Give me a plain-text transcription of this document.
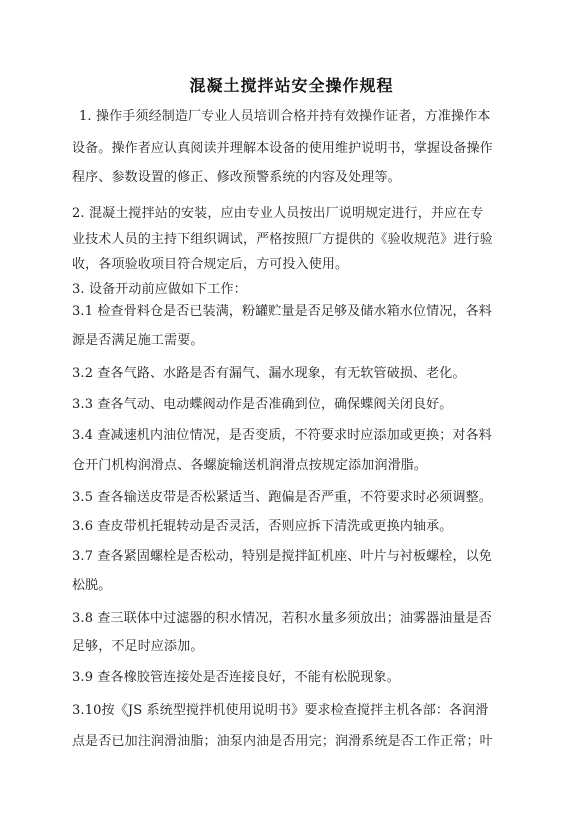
混凝土搅拌站安全操作规程
1. 操作手须经制造厂专业人员培训合格并持有效操作证者，方准操作本
设备。操作者应认真阅读并理解本设备的使用维护说明书，掌握设备操作
程序、参数设置的修正、修改预警系统的内容及处理等。
2. 混凝土搅拌站的安装，应由专业人员按出厂说明规定进行，并应在专
业技术人员的主持下组织调试，严格按照厂方提供的《验收规范》进行验
收，各项验收项目符合规定后，方可投入使用。
3. 设备开动前应做如下工作：
3.1 检查骨料仓是否已装满，粉罐贮量是否足够及储水箱水位情况，各料
源是否满足施工需要。
3.2 查各气路、水路是否有漏气、漏水现象，有无软管破损、老化。
3.3 查各气动、电动蝶阀动作是否准确到位，确保蝶阀关闭良好。
3.4 查减速机内油位情况，是否变质，不符要求时应添加或更换；对各料
仓开门机构润滑点、各螺旋输送机润滑点按规定添加润滑脂。
3.5 查各输送皮带是否松紧适当、跑偏是否严重，不符要求时必须调整。
3.6 查皮带机托辊转动是否灵活，否则应拆下清洗或更换内轴承。
3.7 查各紧固螺栓是否松动，特别是搅拌缸机座、叶片与衬板螺栓，以免
松脱。
3.8 查三联体中过滤器的积水情况，若积水量多须放出；油雾器油量是否
足够，不足时应添加。
3.9 查各橡胶管连接处是否连接良好，不能有松脱现象。
3.10按《JS 系统型搅拌机使用说明书》要求检查搅拌主机各部：各润滑
点是否已加注润滑油脂；油泵内油是否用完；润滑系统是否工作正常；叶
